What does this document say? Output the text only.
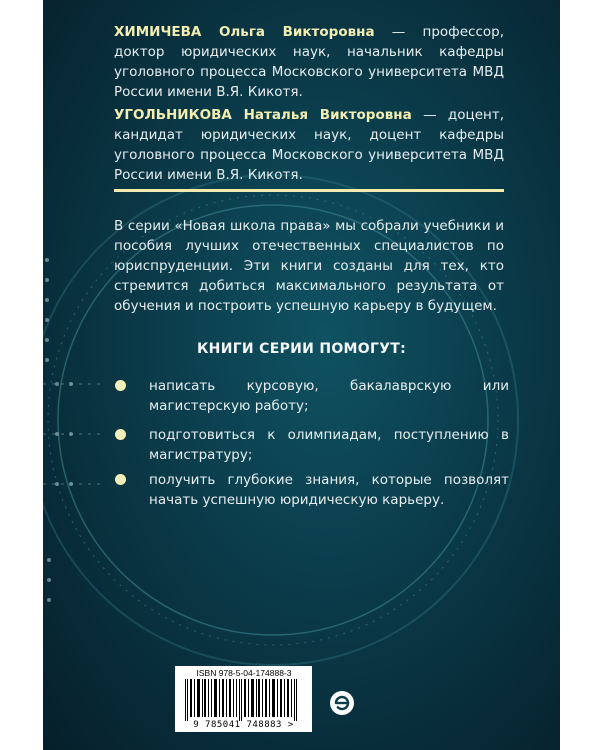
ХИМИЧЕВА Ольга Викторовна — профессор, доктор юридических наук, начальник кафедры уголовного процесса Московского университета МВД России имени В.Я. Кикотя.
УГОЛЬНИКОВА Наталья Викторовна — доцент, кандидат юридических наук, доцент кафедры уголовного процесса Московского университета МВД России имени В.Я. Кикотя.
В серии «Новая школа права» мы собрали учебники и пособия лучших отечественных специалистов по юриспруденции. Эти книги созданы для тех, кто стремится добиться максимального результата от обучения и построить успешную карьеру в будущем.
КНИГИ СЕРИИ ПОМОГУТ:
написать курсовую, бакалаврскую или магистерскую работу;
подготовиться к олимпиадам, поступлению в магистратуру;
получить глубокие знания, которые позволят начать успешную юридическую карьеру.
ISBN 978-5-04-174888-3
9 785041 748883 >
